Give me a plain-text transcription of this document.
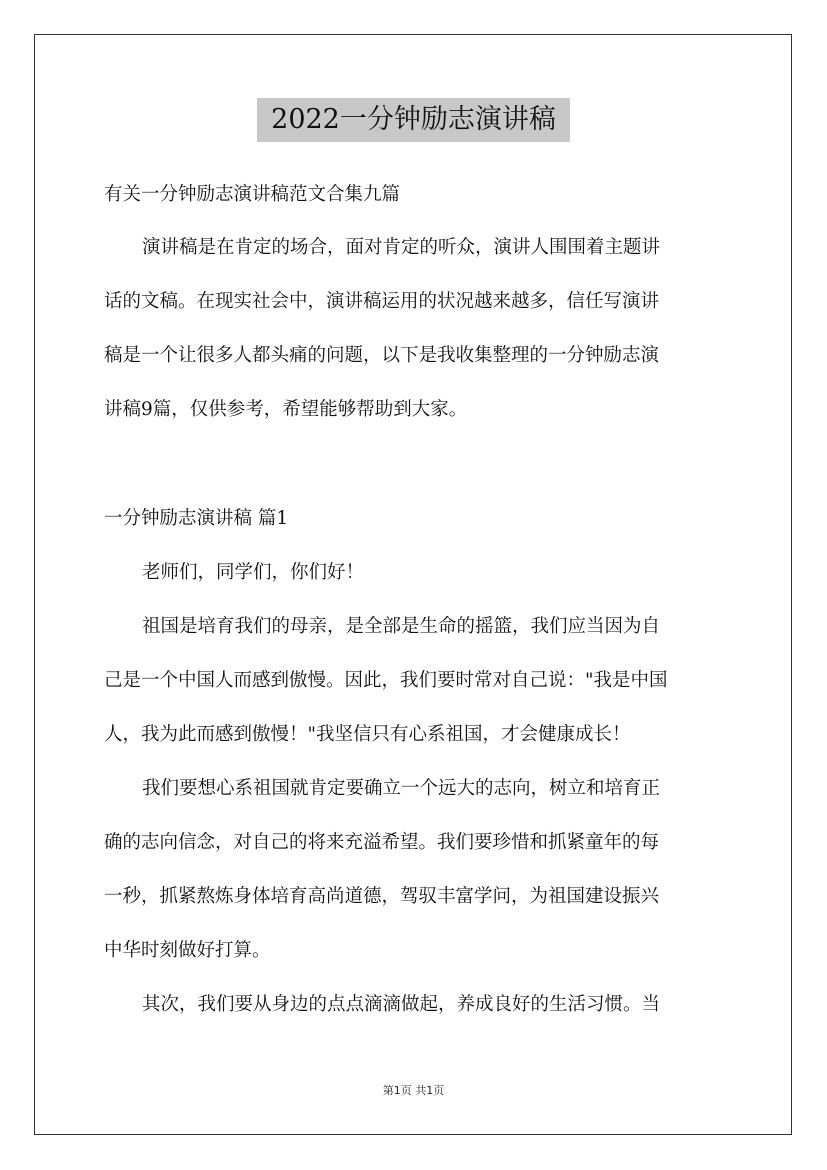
2022一分钟励志演讲稿
有关一分钟励志演讲稿范文合集九篇
演讲稿是在肯定的场合，面对肯定的听众，演讲人围围着主题讲
话的文稿。在现实社会中，演讲稿运用的状况越来越多，信任写演讲
稿是一个让很多人都头痛的问题，以下是我收集整理的一分钟励志演
讲稿9篇，仅供参考，希望能够帮助到大家。
一分钟励志演讲稿 篇1
老师们，同学们，你们好！
祖国是培育我们的母亲，是全部是生命的摇篮，我们应当因为自
己是一个中国人而感到傲慢。因此，我们要时常对自己说："我是中国
人，我为此而感到傲慢！"我坚信只有心系祖国，才会健康成长！
我们要想心系祖国就肯定要确立一个远大的志向，树立和培育正
确的志向信念，对自己的将来充溢希望。我们要珍惜和抓紧童年的每
一秒，抓紧熬炼身体培育高尚道德，驾驭丰富学问，为祖国建设振兴
中华时刻做好打算。
其次，我们要从身边的点点滴滴做起，养成良好的生活习惯。当
第1页 共1页
